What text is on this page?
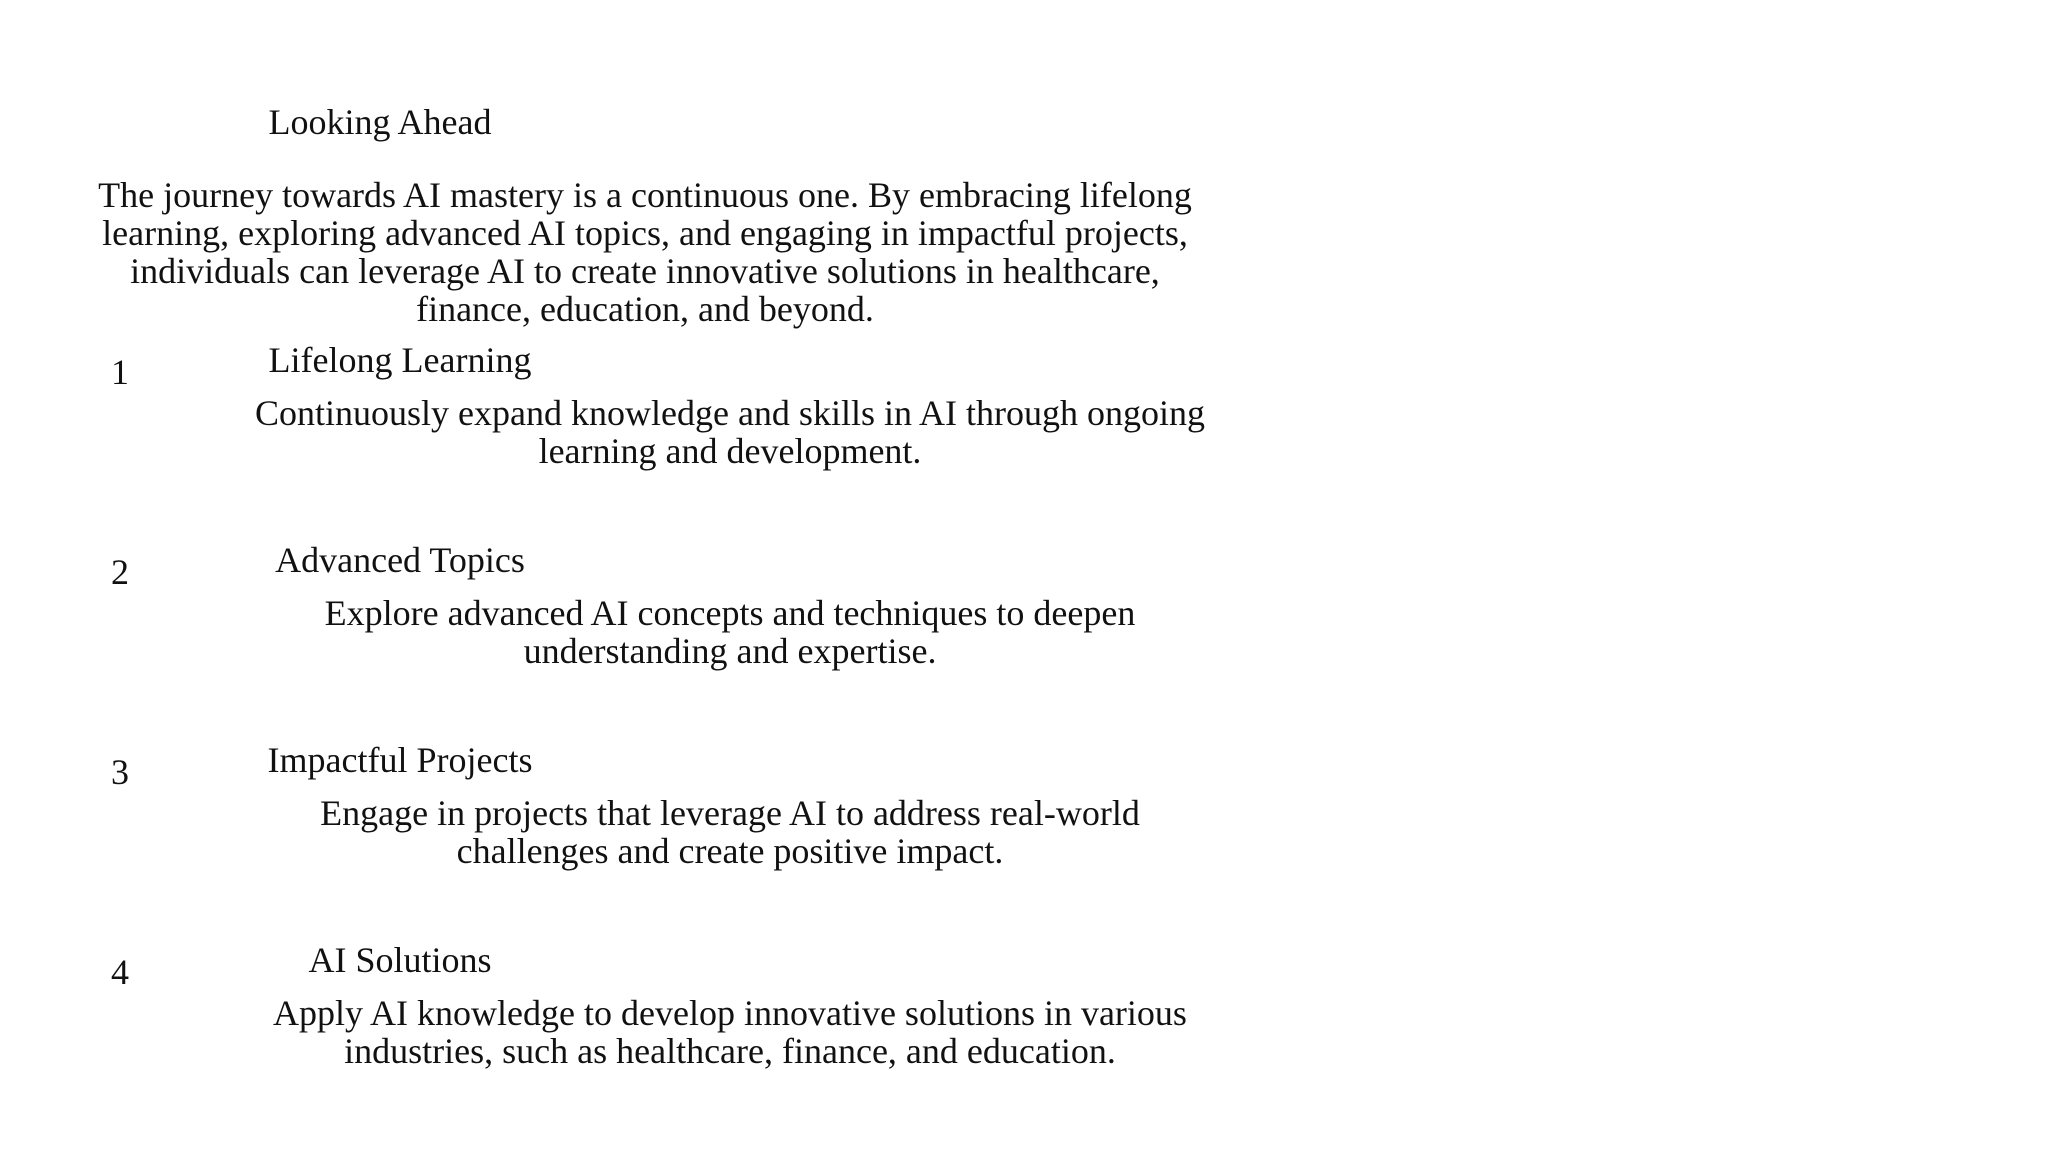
Looking Ahead

The journey towards AI mastery is a continuous one. By embracing lifelong learning, exploring advanced AI topics, and engaging in impactful projects, individuals can leverage AI to create innovative solutions in healthcare, finance, education, and beyond.

1	Lifelong Learning

Continuously expand knowledge and skills in AI through ongoing learning and development.

2	Advanced Topics

Explore advanced AI concepts and techniques to deepen understanding and expertise.

3	Impactful Projects

Engage in projects that leverage AI to address real-world challenges and create positive impact.

4	AI Solutions

Apply AI knowledge to develop innovative solutions in various industries, such as healthcare, finance, and education.
